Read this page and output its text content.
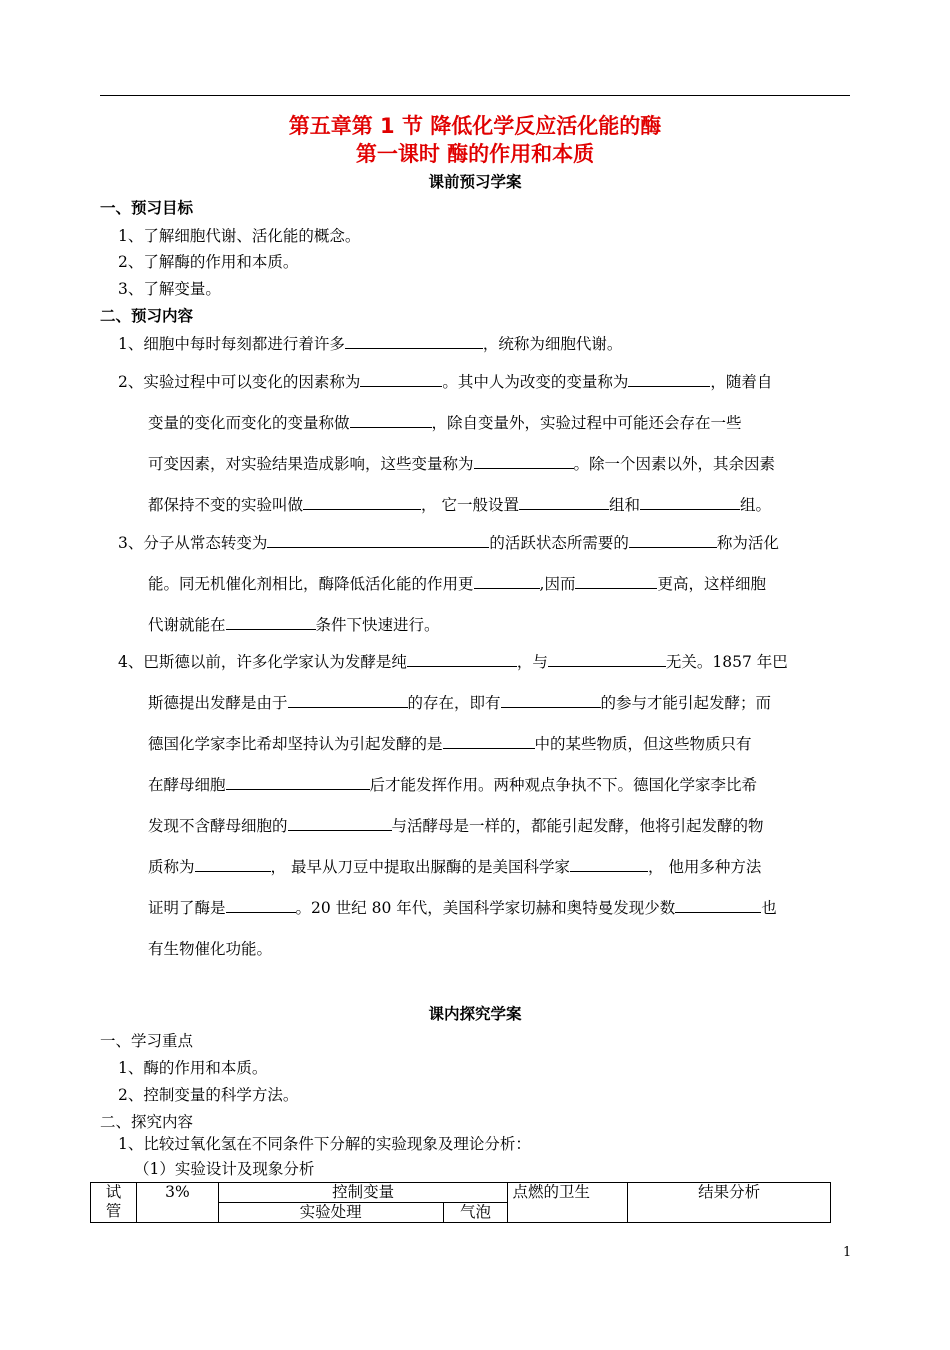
第五章第 1 节 降低化学反应活化能的酶
第一课时 酶的作用和本质
课前预习学案
一、预习目标
1、了解细胞代谢、活化能的概念。
2、了解酶的作用和本质。
3、了解变量。
二、预习内容
1、细胞中每时每刻都进行着许多	，统称为细胞代谢。
2、实验过程中可以变化的因素称为	。其中人为改变的变量称为	，随着自
变量的变化而变化的变量称做	，除自变量外，实验过程中可能还会存在一些
可变因素，对实验结果造成影响，这些变量称为	。除一个因素以外，其余因素
都保持不变的实验叫做	， 它一般设置	组和	组。
3、分子从常态转变为	的活跃状态所需要的	称为活化
能。同无机催化剂相比，酶降低活化能的作用更	,因而	更高，这样细胞
代谢就能在	条件下快速进行。
4、巴斯德以前，许多化学家认为发酵是纯	，与	无关。1857 年巴
斯德提出发酵是由于	的存在，即有	的参与才能引起发酵；而
德国化学家李比希却坚持认为引起发酵的是	中的某些物质，但这些物质只有
在酵母细胞	后才能发挥作用。两种观点争执不下。德国化学家李比希
发现不含酵母细胞的	与活酵母是一样的，都能引起发酵，他将引起发酵的物
质称为	， 最早从刀豆中提取出脲酶的是美国科学家	， 他用多种方法
证明了酶是	。20 世纪 80 年代，美国科学家切赫和奥特曼发现少数	也
有生物催化功能。
课内探究学案
一、学习重点
1、酶的作用和本质。
2、控制变量的科学方法。
二、探究内容
1、比较过氧化氢在不同条件下分解的实验现象及理论分析：
（1）实验设计及现象分析
试
管	3%	控制变量		点燃的卫生	结果分析
		实验处理	气泡		
1
